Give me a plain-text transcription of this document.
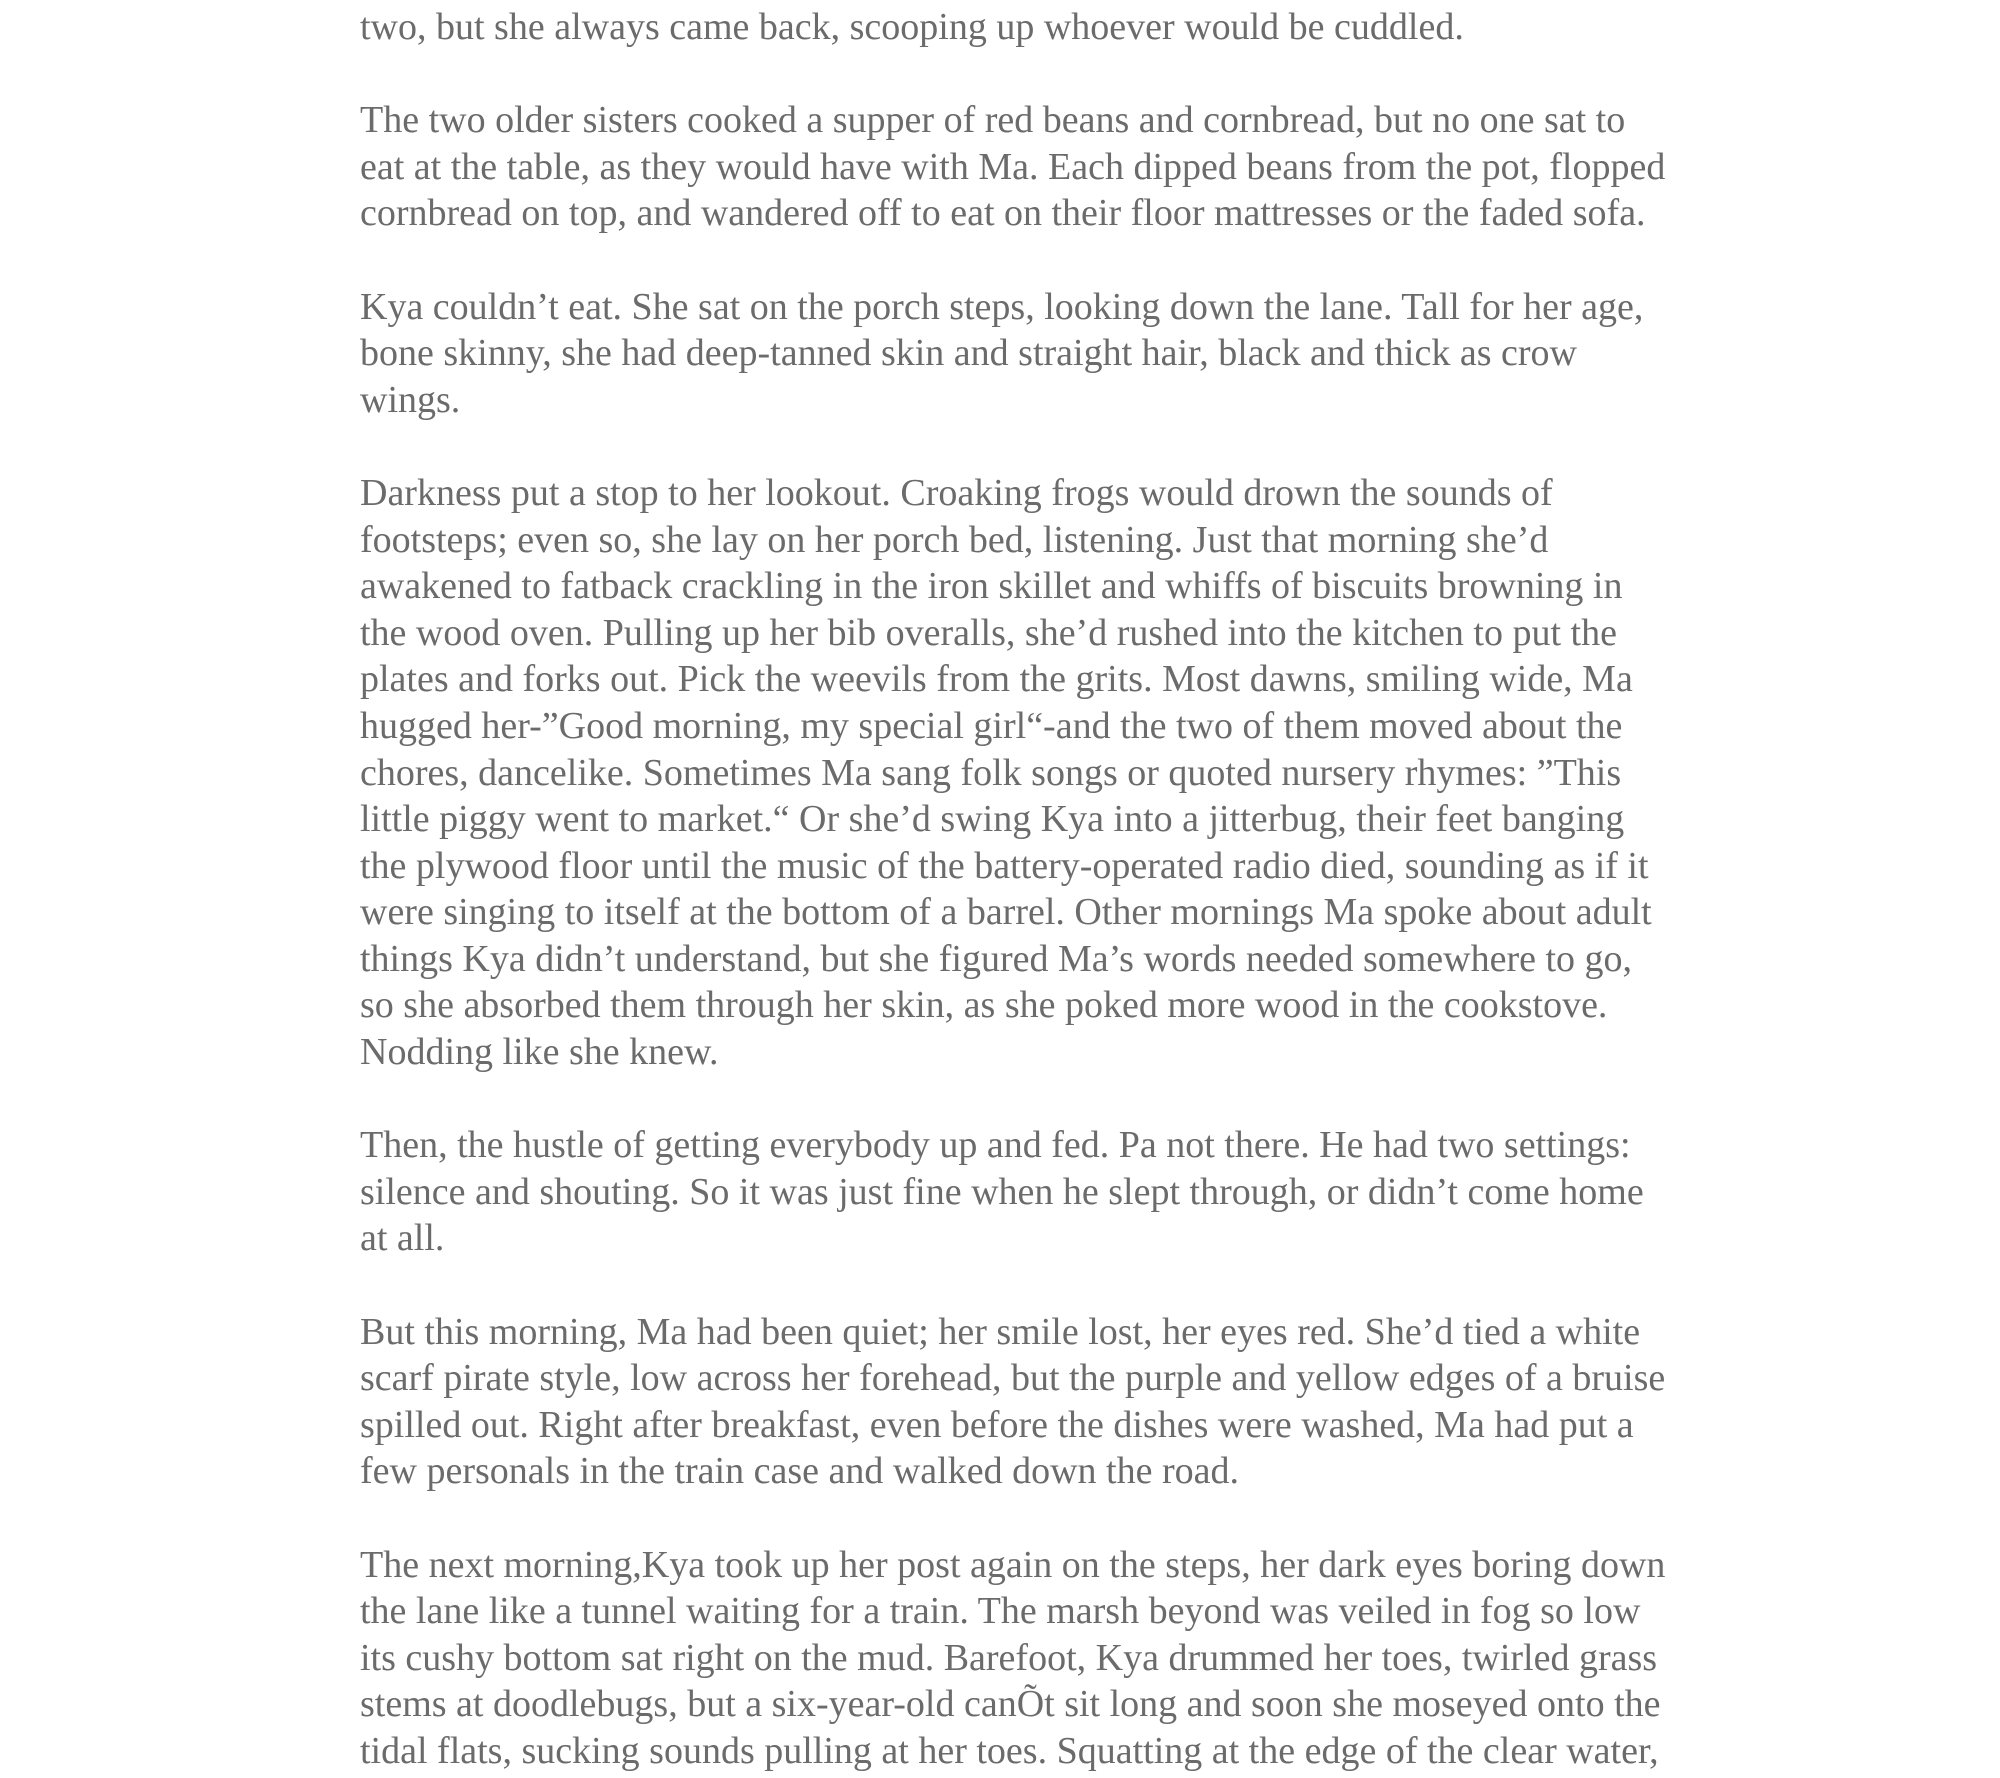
two, but she always came back, scooping up whoever would be cuddled.
The two older sisters cooked a supper of red beans and cornbread, but no one sat to
eat at the table, as they would have with Ma. Each dipped beans from the pot, flopped
cornbread on top, and wandered off to eat on their floor mattresses or the faded sofa.
Kya couldn’t eat. She sat on the porch steps, looking down the lane. Tall for her age,
bone skinny, she had deep-tanned skin and straight hair, black and thick as crow
wings.
Darkness put a stop to her lookout. Croaking frogs would drown the sounds of
footsteps; even so, she lay on her porch bed, listening. Just that morning she’d
awakened to fatback crackling in the iron skillet and whiffs of biscuits browning in
the wood oven. Pulling up her bib overalls, she’d rushed into the kitchen to put the
plates and forks out. Pick the weevils from the grits. Most dawns, smiling wide, Ma
hugged her-”Good morning, my special girl“-and the two of them moved about the
chores, dancelike. Sometimes Ma sang folk songs or quoted nursery rhymes: ”This
little piggy went to market.“ Or she’d swing Kya into a jitterbug, their feet banging
the plywood floor until the music of the battery-operated radio died, sounding as if it
were singing to itself at the bottom of a barrel. Other mornings Ma spoke about adult
things Kya didn’t understand, but she figured Ma’s words needed somewhere to go,
so she absorbed them through her skin, as she poked more wood in the cookstove.
Nodding like she knew.
Then, the hustle of getting everybody up and fed. Pa not there. He had two settings:
silence and shouting. So it was just fine when he slept through, or didn’t come home
at all.
But this morning, Ma had been quiet; her smile lost, her eyes red. She’d tied a white
scarf pirate style, low across her forehead, but the purple and yellow edges of a bruise
spilled out. Right after breakfast, even before the dishes were washed, Ma had put a
few personals in the train case and walked down the road.
The next morning,Kya took up her post again on the steps, her dark eyes boring down
the lane like a tunnel waiting for a train. The marsh beyond was veiled in fog so low
its cushy bottom sat right on the mud. Barefoot, Kya drummed her toes, twirled grass
stems at doodlebugs, but a six-year-old canÕt sit long and soon she moseyed onto the
tidal flats, sucking sounds pulling at her toes. Squatting at the edge of the clear water,
